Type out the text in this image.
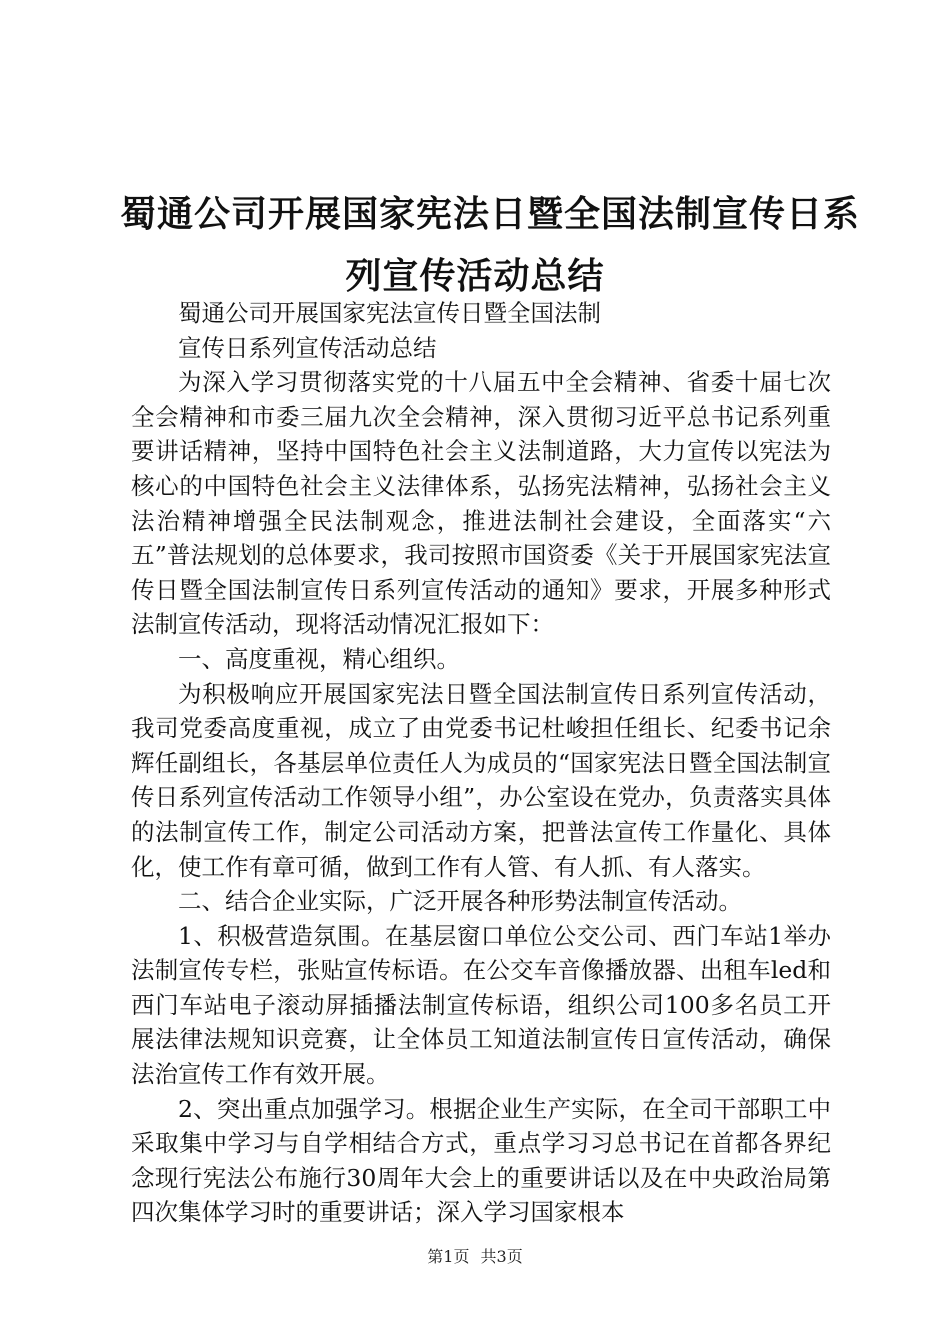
蜀通公司开展国家宪法日暨全国法制宣传日系
列宣传活动总结

蜀通公司开展国家宪法宣传日暨全国法制

宣传日系列宣传活动总结

为深入学习贯彻落实党的十八届五中全会精神、省委十届七次全会精神和市委三届九次全会精神，深入贯彻习近平总书记系列重要讲话精神，坚持中国特色社会主义法制道路，大力宣传以宪法为核心的中国特色社会主义法律体系，弘扬宪法精神，弘扬社会主义法治精神增强全民法制观念，推进法制社会建设，全面落实“六五”普法规划的总体要求，我司按照市国资委《关于开展国家宪法宣传日暨全国法制宣传日系列宣传活动的通知》要求，开展多种形式法制宣传活动，现将活动情况汇报如下：

一、高度重视，精心组织。

为积极响应开展国家宪法日暨全国法制宣传日系列宣传活动，我司党委高度重视，成立了由党委书记杜峻担任组长、纪委书记余辉任副组长，各基层单位责任人为成员的“国家宪法日暨全国法制宣传日系列宣传活动工作领导小组”，办公室设在党办，负责落实具体的法制宣传工作，制定公司活动方案，把普法宣传工作量化、具体化，使工作有章可循，做到工作有人管、有人抓、有人落实。

二、结合企业实际，广泛开展各种形势法制宣传活动。

1、积极营造氛围。在基层窗口单位公交公司、西门车站1举办法制宣传专栏，张贴宣传标语。在公交车音像播放器、出租车led和西门车站电子滚动屏插播法制宣传标语，组织公司100多名员工开展法律法规知识竞赛，让全体员工知道法制宣传日宣传活动，确保法治宣传工作有效开展。

2、突出重点加强学习。根据企业生产实际，在全司干部职工中采取集中学习与自学相结合方式，重点学习习总书记在首都各界纪念现行宪法公布施行30周年大会上的重要讲话以及在中央政治局第四次集体学习时的重要讲话；深入学习国家根本

第1页 共3页
